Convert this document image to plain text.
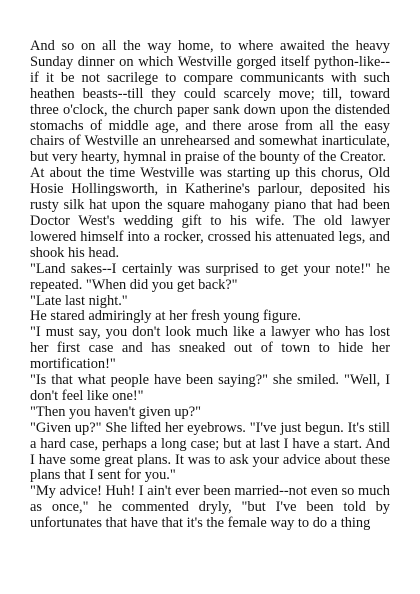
And so on all the way home, to where awaited the heavy Sunday dinner on which Westville gorged itself python-like--if it be not sacrilege to compare communicants with such heathen beasts--till they could scarcely move; till, toward three o'clock, the church paper sank down upon the distended stomachs of middle age, and there arose from all the easy chairs of Westville an unrehearsed and somewhat inarticulate, but very hearty, hymnal in praise of the bounty of the Creator.

At about the time Westville was starting up this chorus, Old Hosie Hollingsworth, in Katherine's parlour, deposited his rusty silk hat upon the square mahogany piano that had been Doctor West's wedding gift to his wife. The old lawyer lowered himself into a rocker, crossed his attenuated legs, and shook his head.

"Land sakes--I certainly was surprised to get your note!" he repeated. "When did you get back?"

"Late last night."

He stared admiringly at her fresh young figure.

"I must say, you don't look much like a lawyer who has lost her first case and has sneaked out of town to hide her mortification!"

"Is that what people have been saying?" she smiled. "Well, I don't feel like one!"

"Then you haven't given up?"

"Given up?" She lifted her eyebrows. "I've just begun. It's still a hard case, perhaps a long case; but at last I have a start. And I have some great plans. It was to ask your advice about these plans that I sent for you."

"My advice! Huh! I ain't ever been married--not even so much as once," he commented dryly, "but I've been told by unfortunates that have that it's the female way to do a thing
